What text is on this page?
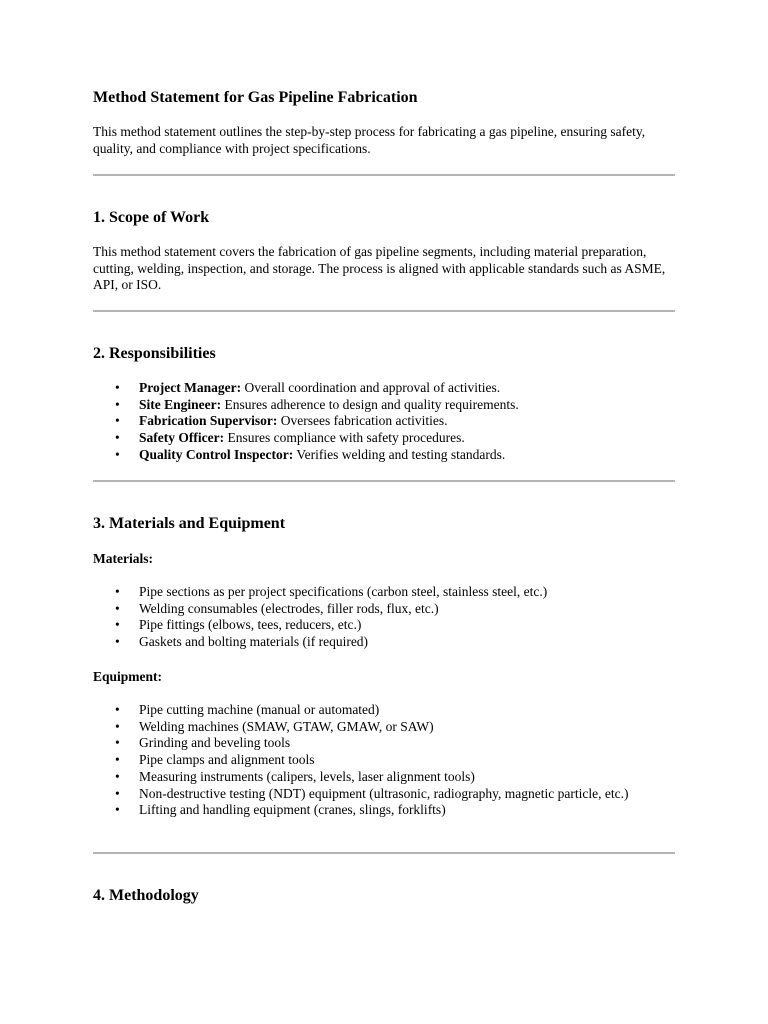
Method Statement for Gas Pipeline Fabrication

This method statement outlines the step-by-step process for fabricating a gas pipeline, ensuring safety, quality, and compliance with project specifications.

1. Scope of Work

This method statement covers the fabrication of gas pipeline segments, including material preparation, cutting, welding, inspection, and storage. The process is aligned with applicable standards such as ASME, API, or ISO.

2. Responsibilities
• Project Manager: Overall coordination and approval of activities.
• Site Engineer: Ensures adherence to design and quality requirements.
• Fabrication Supervisor: Oversees fabrication activities.
• Safety Officer: Ensures compliance with safety procedures.
• Quality Control Inspector: Verifies welding and testing standards.
3. Materials and Equipment
Materials:
• Pipe sections as per project specifications (carbon steel, stainless steel, etc.)
• Welding consumables (electrodes, filler rods, flux, etc.)
• Pipe fittings (elbows, tees, reducers, etc.)
• Gaskets and bolting materials (if required)
Equipment:
• Pipe cutting machine (manual or automated)
• Welding machines (SMAW, GTAW, GMAW, or SAW)
• Grinding and beveling tools
• Pipe clamps and alignment tools
• Measuring instruments (calipers, levels, laser alignment tools)
• Non-destructive testing (NDT) equipment (ultrasonic, radiography, magnetic particle, etc.)
• Lifting and handling equipment (cranes, slings, forklifts)
4. Methodology
